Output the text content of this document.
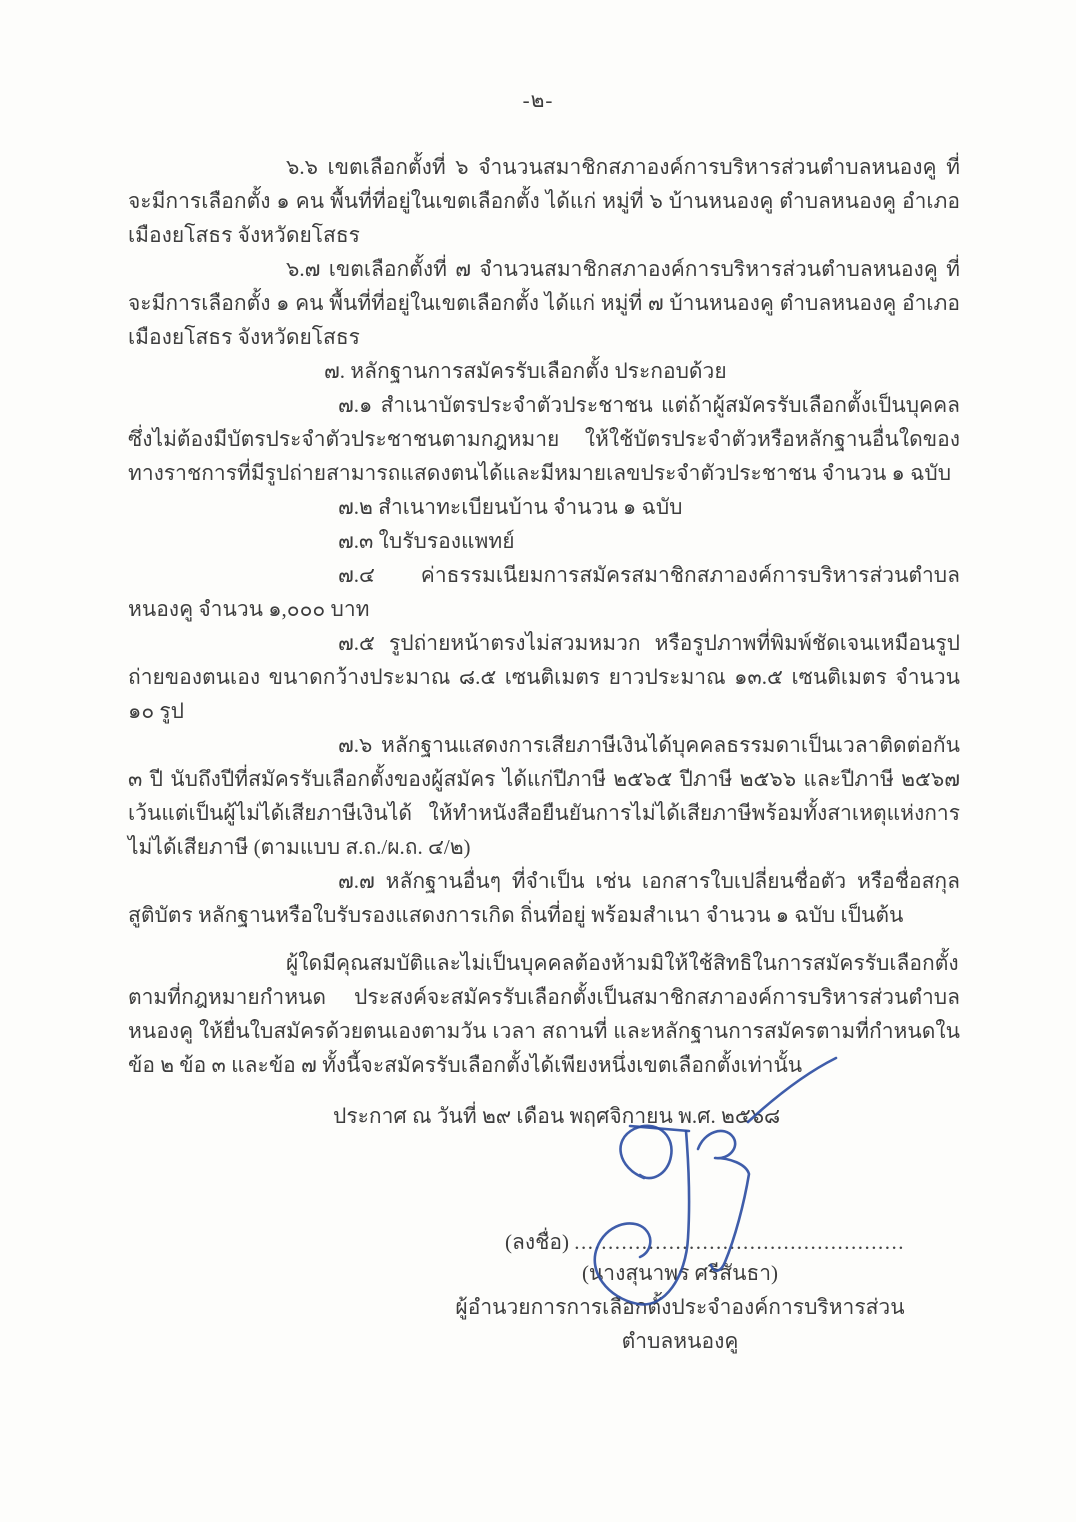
-๒-

๖.๖ เขตเลือกตั้งที่ ๖ จำนวนสมาชิกสภาองค์การบริหารส่วนตำบลหนองคู ที่จะมีการเลือกตั้ง ๑ คน พื้นที่ที่อยู่ในเขตเลือกตั้ง ได้แก่ หมู่ที่ ๖ บ้านหนองคู ตำบลหนองคู อำเภอเมืองยโสธร จังหวัดยโสธร

๖.๗ เขตเลือกตั้งที่ ๗ จำนวนสมาชิกสภาองค์การบริหารส่วนตำบลหนองคู ที่จะมีการเลือกตั้ง ๑ คน พื้นที่ที่อยู่ในเขตเลือกตั้ง ได้แก่ หมู่ที่ ๗ บ้านหนองคู ตำบลหนองคู อำเภอเมืองยโสธร จังหวัดยโสธร

๗. หลักฐานการสมัครรับเลือกตั้ง ประกอบด้วย

๗.๑ สำเนาบัตรประจำตัวประชาชน แต่ถ้าผู้สมัครรับเลือกตั้งเป็นบุคคลซึ่งไม่ต้องมีบัตรประจำตัวประชาชนตามกฎหมาย ให้ใช้บัตรประจำตัวหรือหลักฐานอื่นใดของทางราชการที่มีรูปถ่ายสามารถแสดงตนได้และมีหมายเลขประจำตัวประชาชน จำนวน ๑ ฉบับ

๗.๒ สำเนาทะเบียนบ้าน จำนวน ๑ ฉบับ

๗.๓ ใบรับรองแพทย์

๗.๔ ค่าธรรมเนียมการสมัครสมาชิกสภาองค์การบริหารส่วนตำบลหนองคู จำนวน ๑,๐๐๐ บาท

๗.๕ รูปถ่ายหน้าตรงไม่สวมหมวก หรือรูปภาพที่พิมพ์ชัดเจนเหมือนรูปถ่ายของตนเอง ขนาดกว้างประมาณ ๘.๕ เซนติเมตร ยาวประมาณ ๑๓.๕ เซนติเมตร จำนวน ๑๐ รูป

๗.๖ หลักฐานแสดงการเสียภาษีเงินได้บุคคลธรรมดาเป็นเวลาติดต่อกัน ๓ ปี นับถึงปีที่สมัครรับเลือกตั้งของผู้สมัคร ได้แก่ปีภาษี ๒๕๖๕ ปีภาษี ๒๕๖๖ และปีภาษี ๒๕๖๗ เว้นแต่เป็นผู้ไม่ได้เสียภาษีเงินได้ ให้ทำหนังสือยืนยันการไม่ได้เสียภาษีพร้อมทั้งสาเหตุแห่งการไม่ได้เสียภาษี (ตามแบบ ส.ถ./ผ.ถ. ๔/๒)

๗.๗ หลักฐานอื่นๆ ที่จำเป็น เช่น เอกสารใบเปลี่ยนชื่อตัว หรือชื่อสกุล สูติบัตร หลักฐานหรือใบรับรองแสดงการเกิด ถิ่นที่อยู่ พร้อมสำเนา จำนวน ๑ ฉบับ เป็นต้น

ผู้ใดมีคุณสมบัติและไม่เป็นบุคคลต้องห้ามมิให้ใช้สิทธิในการสมัครรับเลือกตั้ง ตามที่กฎหมายกำหนด ประสงค์จะสมัครรับเลือกตั้งเป็นสมาชิกสภาองค์การบริหารส่วนตำบลหนองคู ให้ยื่นใบสมัครด้วยตนเองตามวัน เวลา สถานที่ และหลักฐานการสมัครตามที่กำหนดในข้อ ๒ ข้อ ๓ และข้อ ๗ ทั้งนี้จะสมัครรับเลือกตั้งได้เพียงหนึ่งเขตเลือกตั้งเท่านั้น

ประกาศ ณ วันที่ ๒๙ เดือน พฤศจิกายน พ.ศ. ๒๕๖๘
(ลงชื่อ) .................................................
(นางสุนาพร ศรีสันธา)
ผู้อำนวยการการเลือกตั้งประจำองค์การบริหารส่วนตำบลหนองคู
